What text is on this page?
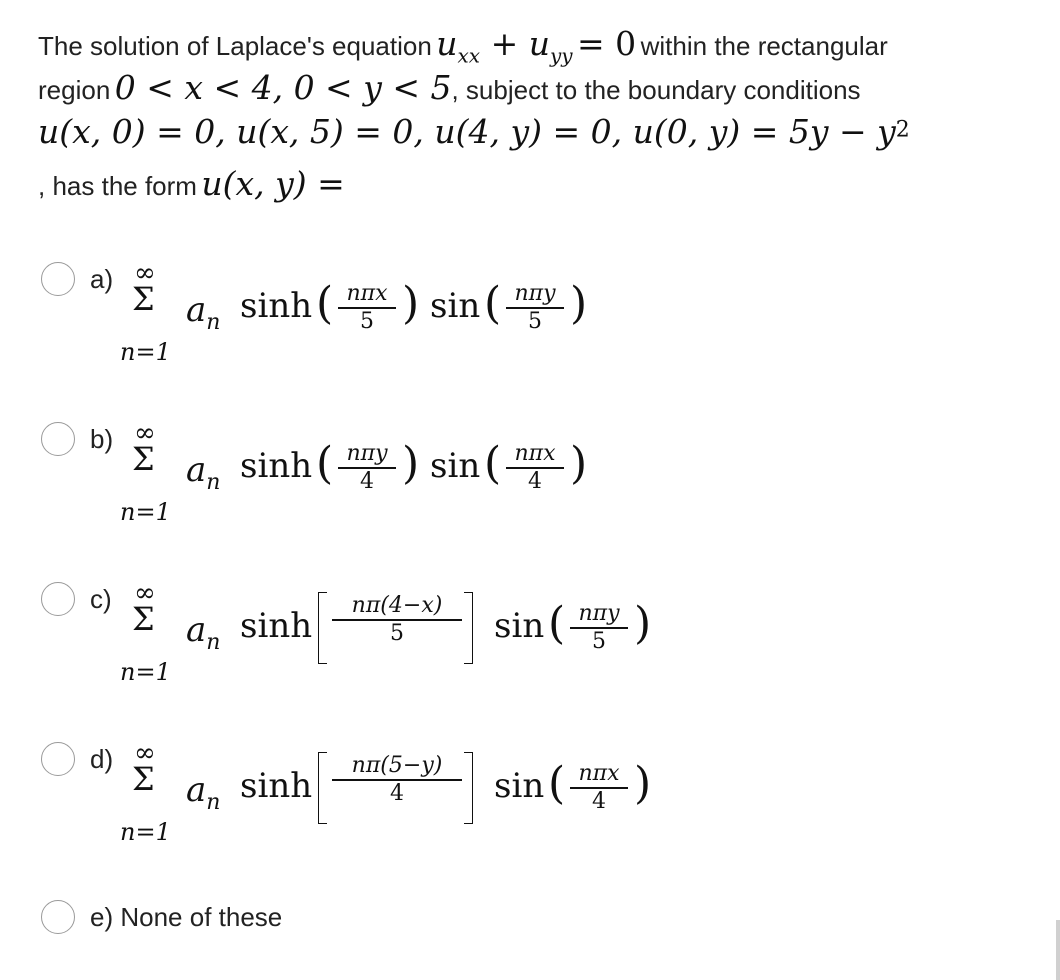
The solution of Laplace's equation $u_{xx} + u_{yy} = 0$ within the rectangular
region 0 < x < 4, 0 < y < 5, subject to the boundary conditions
u(x, 0) = 0, u(x, 5) = 0, u(4, y) = 0, u(0, $y) = 5y - y^2$
, has the form u(x, y) =
a) ∞
Σ
n=1
$a_n$ sinh ( nπx
5 ) sin ( nπy
5 )
b) ∞
Σ
n=1
$a_n$ sinh ( nπy
4 ) sin ( nπx
4 )
c) ∞
Σ
n=1
$a_n$ sinh
nπ(4−x)
5	sin ( nπy
5 )
d) ∞
Σ
n=1
$a_n$ sinh
nπ(5−y)
4	sin ( nπx
4 )
e) None of these
